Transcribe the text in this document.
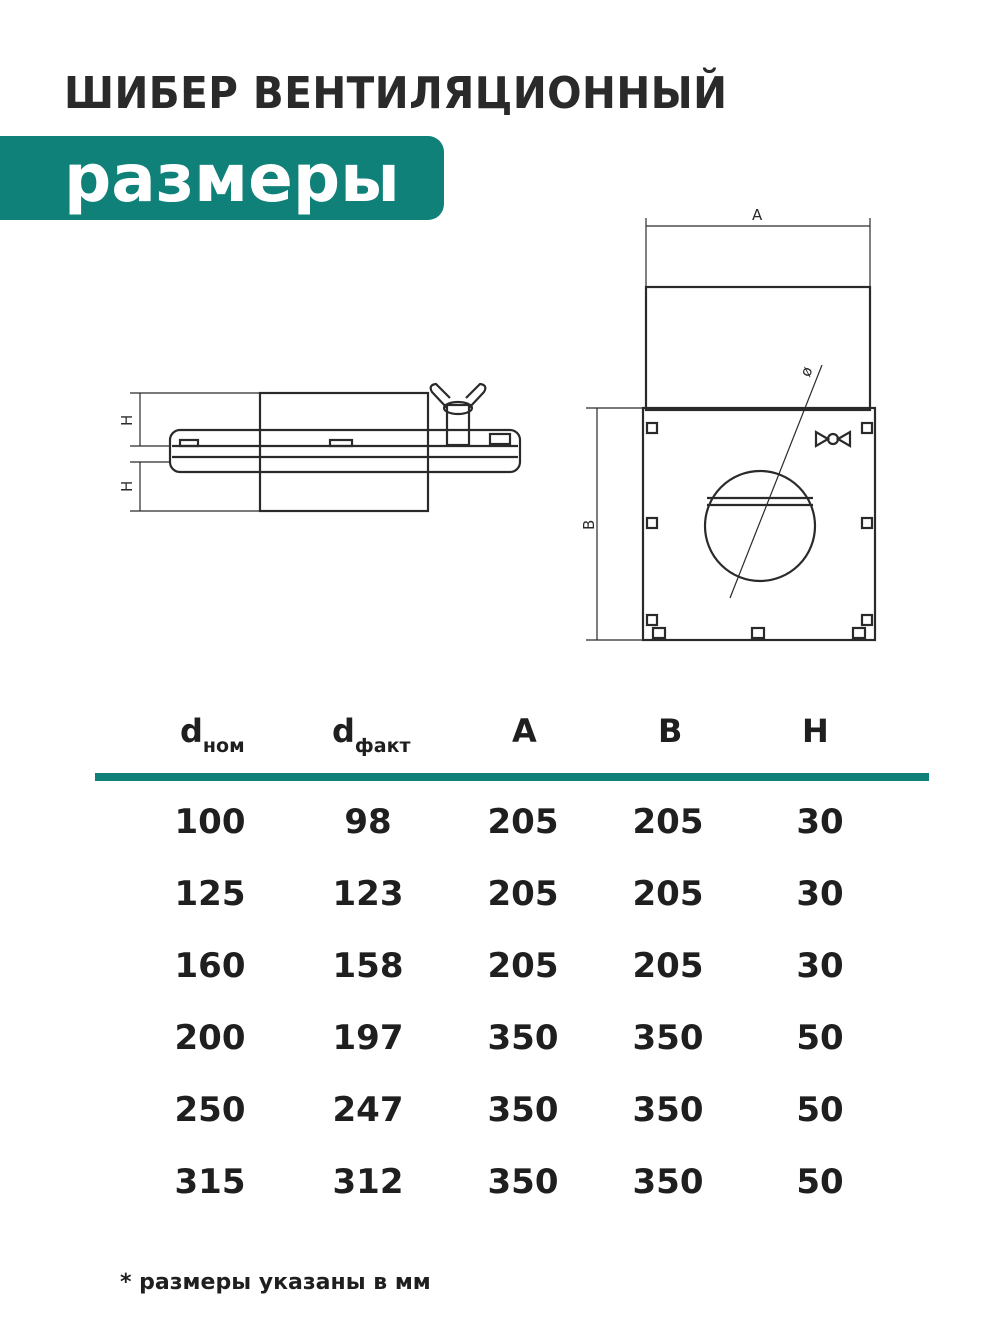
ШИБЕР ВЕНТИЛЯЦИОННЫЙ
размеры	A
B
H
H
ø
$d_{ном}$	$d_{факт}$	A	B	H
100	98	205	205	30
125	123	205	205	30
160	158	205	205	30
200	197	350	350	50
250	247	350	350	50
315	312	350	350	50
* размеры указаны в мм
